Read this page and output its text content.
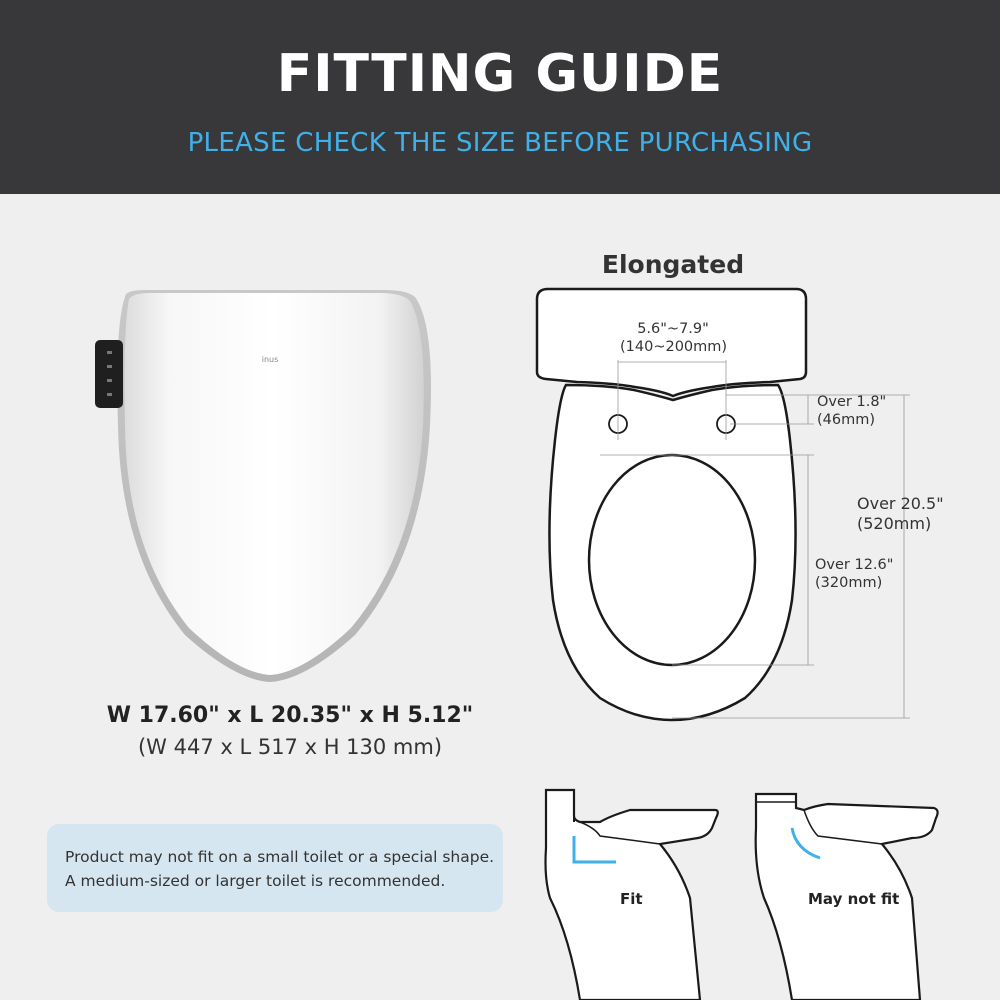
FITTING GUIDE
PLEASE CHECK THE SIZE BEFORE PURCHASING
inus
W 17.60" x L 20.35" x H 5.12"
(W 447 x L 517 x H 130 mm)

Product may not fit on a small toilet or a special shape.

A medium-sized or larger toilet is recommended.

Elongated
5.6"~7.9"
(140~200mm)
Over 1.8"
(46mm)
Over 12.6"
(320mm)
Over 20.5"
(520mm)
Fit	May not fit
